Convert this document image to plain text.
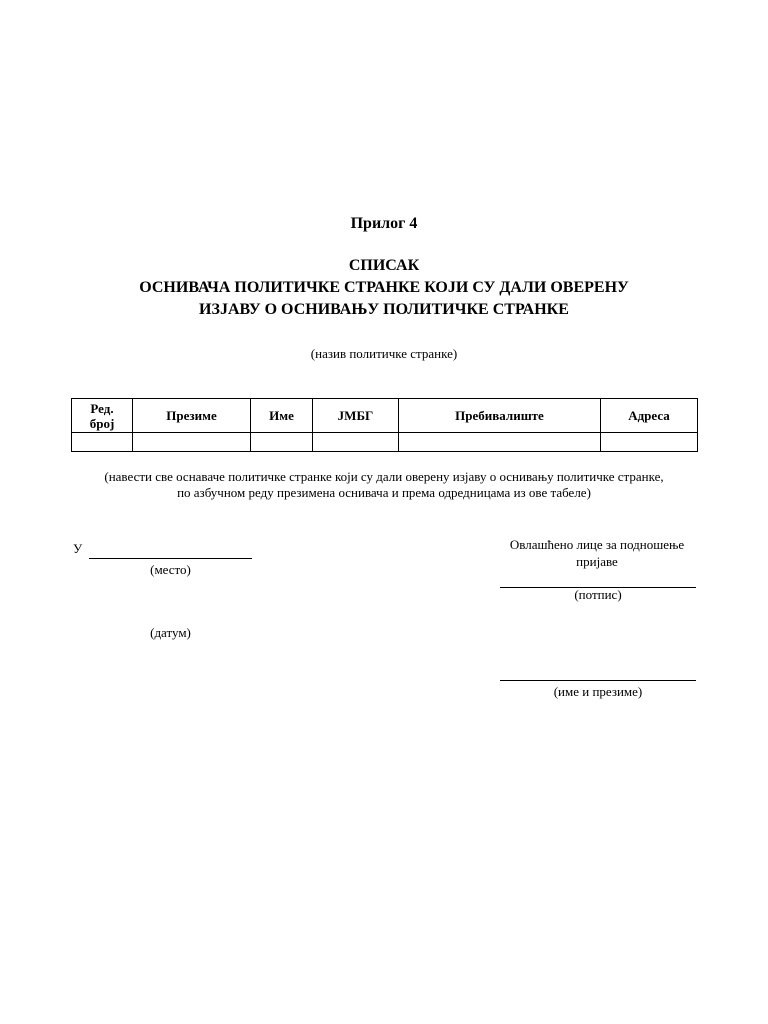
Прилог 4
СПИСАК
ОСНИВАЧА ПОЛИТИЧКЕ СТРАНКЕ КОЈИ СУ ДАЛИ ОВЕРЕНУ
ИЗЈАВУ О ОСНИВАЊУ ПОЛИТИЧКЕ СТРАНКЕ
(назив политичке странке)
Ред.
број	Презиме	Име	ЈМБГ	Пребивалиште	Адреса

(навести све оснаваче политичке странке који су дали оверену изјаву о оснивању политичке странке,
по азбучном реду презимена оснивача и према одредницама из ове табеле)
У
(место)
(датум)
Овлашћено лице за подношење
пријаве
(потпис)
(име и презиме)
